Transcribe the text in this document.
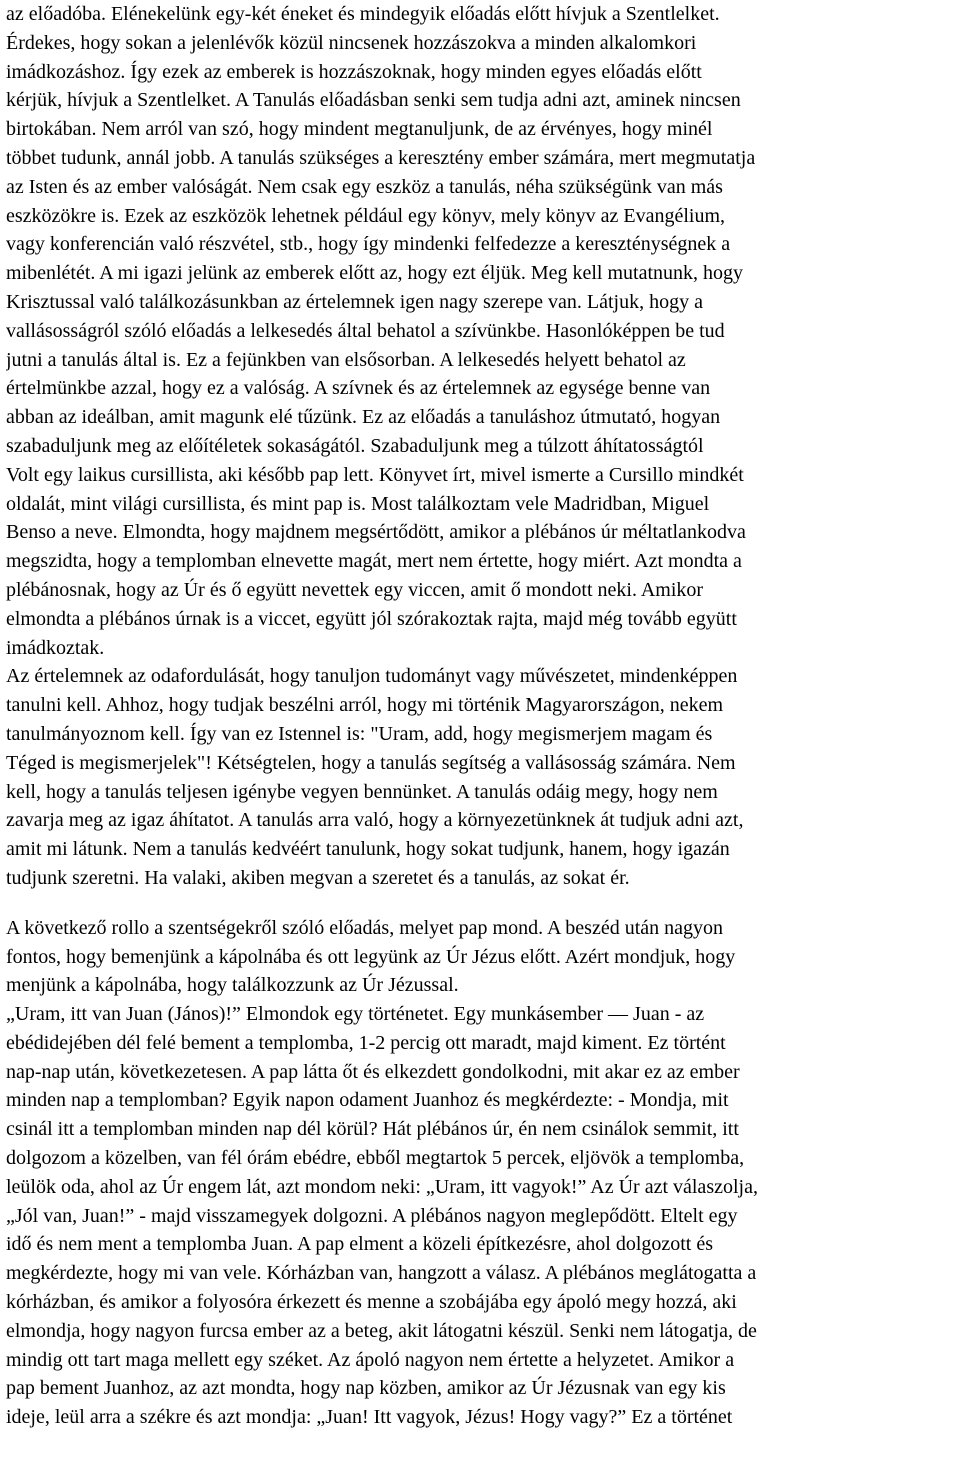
az előadóba. Elénekelünk egy-két éneket és mindegyik előadás előtt hívjuk a Szentlelket.
Érdekes, hogy sokan a jelenlévők közül nincsenek hozzászokva a minden alkalomkori
imádkozáshoz. Így ezek az emberek is hozzászoknak, hogy minden egyes előadás előtt
kérjük, hívjuk a Szentlelket. A Tanulás előadásban senki sem tudja adni azt, aminek nincsen
birtokában. Nem arról van szó, hogy mindent megtanuljunk, de az érvényes, hogy minél
többet tudunk, annál jobb. A tanulás szükséges a keresztény ember számára, mert megmutatja
az Isten és az ember valóságát. Nem csak egy eszköz a tanulás, néha szükségünk van más
eszközökre is. Ezek az eszközök lehetnek például egy könyv, mely könyv az Evangélium,
vagy konferencián való részvétel, stb., hogy így mindenki felfedezze a kereszténységnek a
mibenlétét. A mi igazi jelünk az emberek előtt az, hogy ezt éljük. Meg kell mutatnunk, hogy
Krisztussal való találkozásunkban az értelemnek igen nagy szerepe van. Látjuk, hogy a
vallásosságról szóló előadás a lelkesedés által behatol a szívünkbe. Hasonlóképpen be tud
jutni a tanulás által is. Ez a fejünkben van elsősorban. A lelkesedés helyett behatol az
értelmünkbe azzal, hogy ez a valóság. A szívnek és az értelemnek az egysége benne van
abban az ideálban, amit magunk elé tűzünk. Ez az előadás a tanuláshoz útmutató, hogyan
szabaduljunk meg az előítéletek sokaságától. Szabaduljunk meg a túlzott áhítatosságtól
Volt egy laikus cursillista, aki később pap lett. Könyvet írt, mivel ismerte a Cursillo mindkét
oldalát, mint világi cursillista, és mint pap is. Most találkoztam vele Madridban, Miguel
Benso a neve. Elmondta, hogy majdnem megsértődött, amikor a plébános úr méltatlankodva
megszidta, hogy a templomban elnevette magát, mert nem értette, hogy miért. Azt mondta a
plébánosnak, hogy az Úr és ő együtt nevettek egy viccen, amit ő mondott neki. Amikor
elmondta a plébános úrnak is a viccet, együtt jól szórakoztak rajta, majd még tovább együtt
imádkoztak.
Az értelemnek az odafordulását, hogy tanuljon tudományt vagy művészetet, mindenképpen
tanulni kell. Ahhoz, hogy tudjak beszélni arról, hogy mi történik Magyarországon, nekem
tanulmányoznom kell. Így van ez Istennel is: "Uram, add, hogy megismerjem magam és
Téged is megismerjelek"! Kétségtelen, hogy a tanulás segítség a vallásosság számára. Nem
kell, hogy a tanulás teljesen igénybe vegyen bennünket. A tanulás odáig megy, hogy nem
zavarja meg az igaz áhítatot. A tanulás arra való, hogy a környezetünknek át tudjuk adni azt,
amit mi látunk. Nem a tanulás kedvéért tanulunk, hogy sokat tudjunk, hanem, hogy igazán
tudjunk szeretni. Ha valaki, akiben megvan a szeretet és a tanulás, az sokat ér.
A következő rollo a szentségekről szóló előadás, melyet pap mond. A beszéd után nagyon
fontos, hogy bemenjünk a kápolnába és ott legyünk az Úr Jézus előtt. Azért mondjuk, hogy
menjünk a kápolnába, hogy találkozzunk az Úr Jézussal.
„Uram, itt van Juan (János)!” Elmondok egy történetet. Egy munkásember — Juan - az
ebédidejében dél felé bement a templomba, 1-2 percig ott maradt, majd kiment. Ez történt
nap-nap után, következetesen. A pap látta őt és elkezdett gondolkodni, mit akar ez az ember
minden nap a templomban? Egyik napon odament Juanhoz és megkérdezte: - Mondja, mit
csinál itt a templomban minden nap dél körül? Hát plébános úr, én nem csinálok semmit, itt
dolgozom a közelben, van fél órám ebédre, ebből megtartok 5 percek, eljövök a templomba,
leülök oda, ahol az Úr engem lát, azt mondom neki: „Uram, itt vagyok!” Az Úr azt válaszolja,
„Jól van, Juan!” - majd visszamegyek dolgozni. A plébános nagyon meglepődött. Eltelt egy
idő és nem ment a templomba Juan. A pap elment a közeli építkezésre, ahol dolgozott és
megkérdezte, hogy mi van vele. Kórházban van, hangzott a válasz. A plébános meglátogatta a
kórházban, és amikor a folyosóra érkezett és menne a szobájába egy ápoló megy hozzá, aki
elmondja, hogy nagyon furcsa ember az a beteg, akit látogatni készül. Senki nem látogatja, de
mindig ott tart maga mellett egy széket. Az ápoló nagyon nem értette a helyzetet. Amikor a
pap bement Juanhoz, az azt mondta, hogy nap közben, amikor az Úr Jézusnak van egy kis
ideje, leül arra a székre és azt mondja: „Juan! Itt vagyok, Jézus! Hogy vagy?” Ez a történet
